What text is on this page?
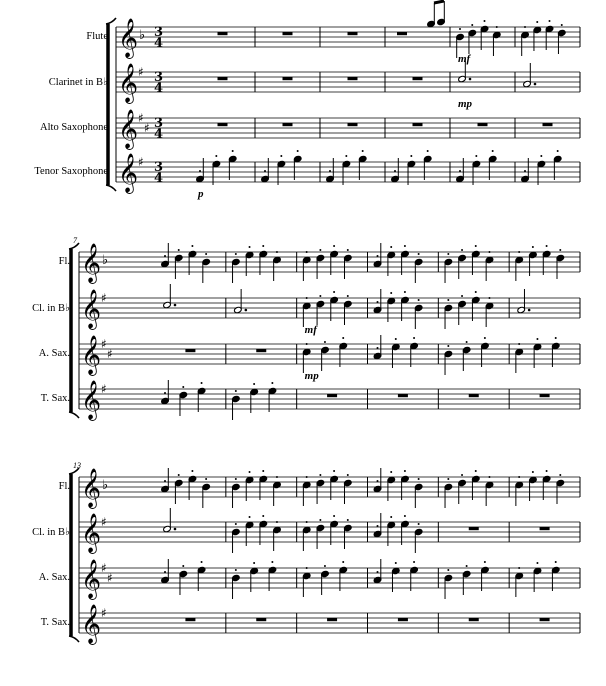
𝄞 ♭ 3
4
𝄞 ♯ 3
4
𝄞 ♯
♯ 3
4
𝄞 ♯ 3
4
𝄞 ♭
𝄞 ♯
𝄞 ♯
♯
𝄞 ♯
𝄞 ♭
𝄞 ♯
𝄞 ♯
♯
𝄞 ♯
Flute
Clarinet in B♭
Alto Saxophone
Tenor Saxophone
mf
mp
p
Fl.
Cl. in B♭
A. Sax.
T. Sax.
mf
mp
7
Fl.
Cl. in B♭
A. Sax.
T. Sax.
13
